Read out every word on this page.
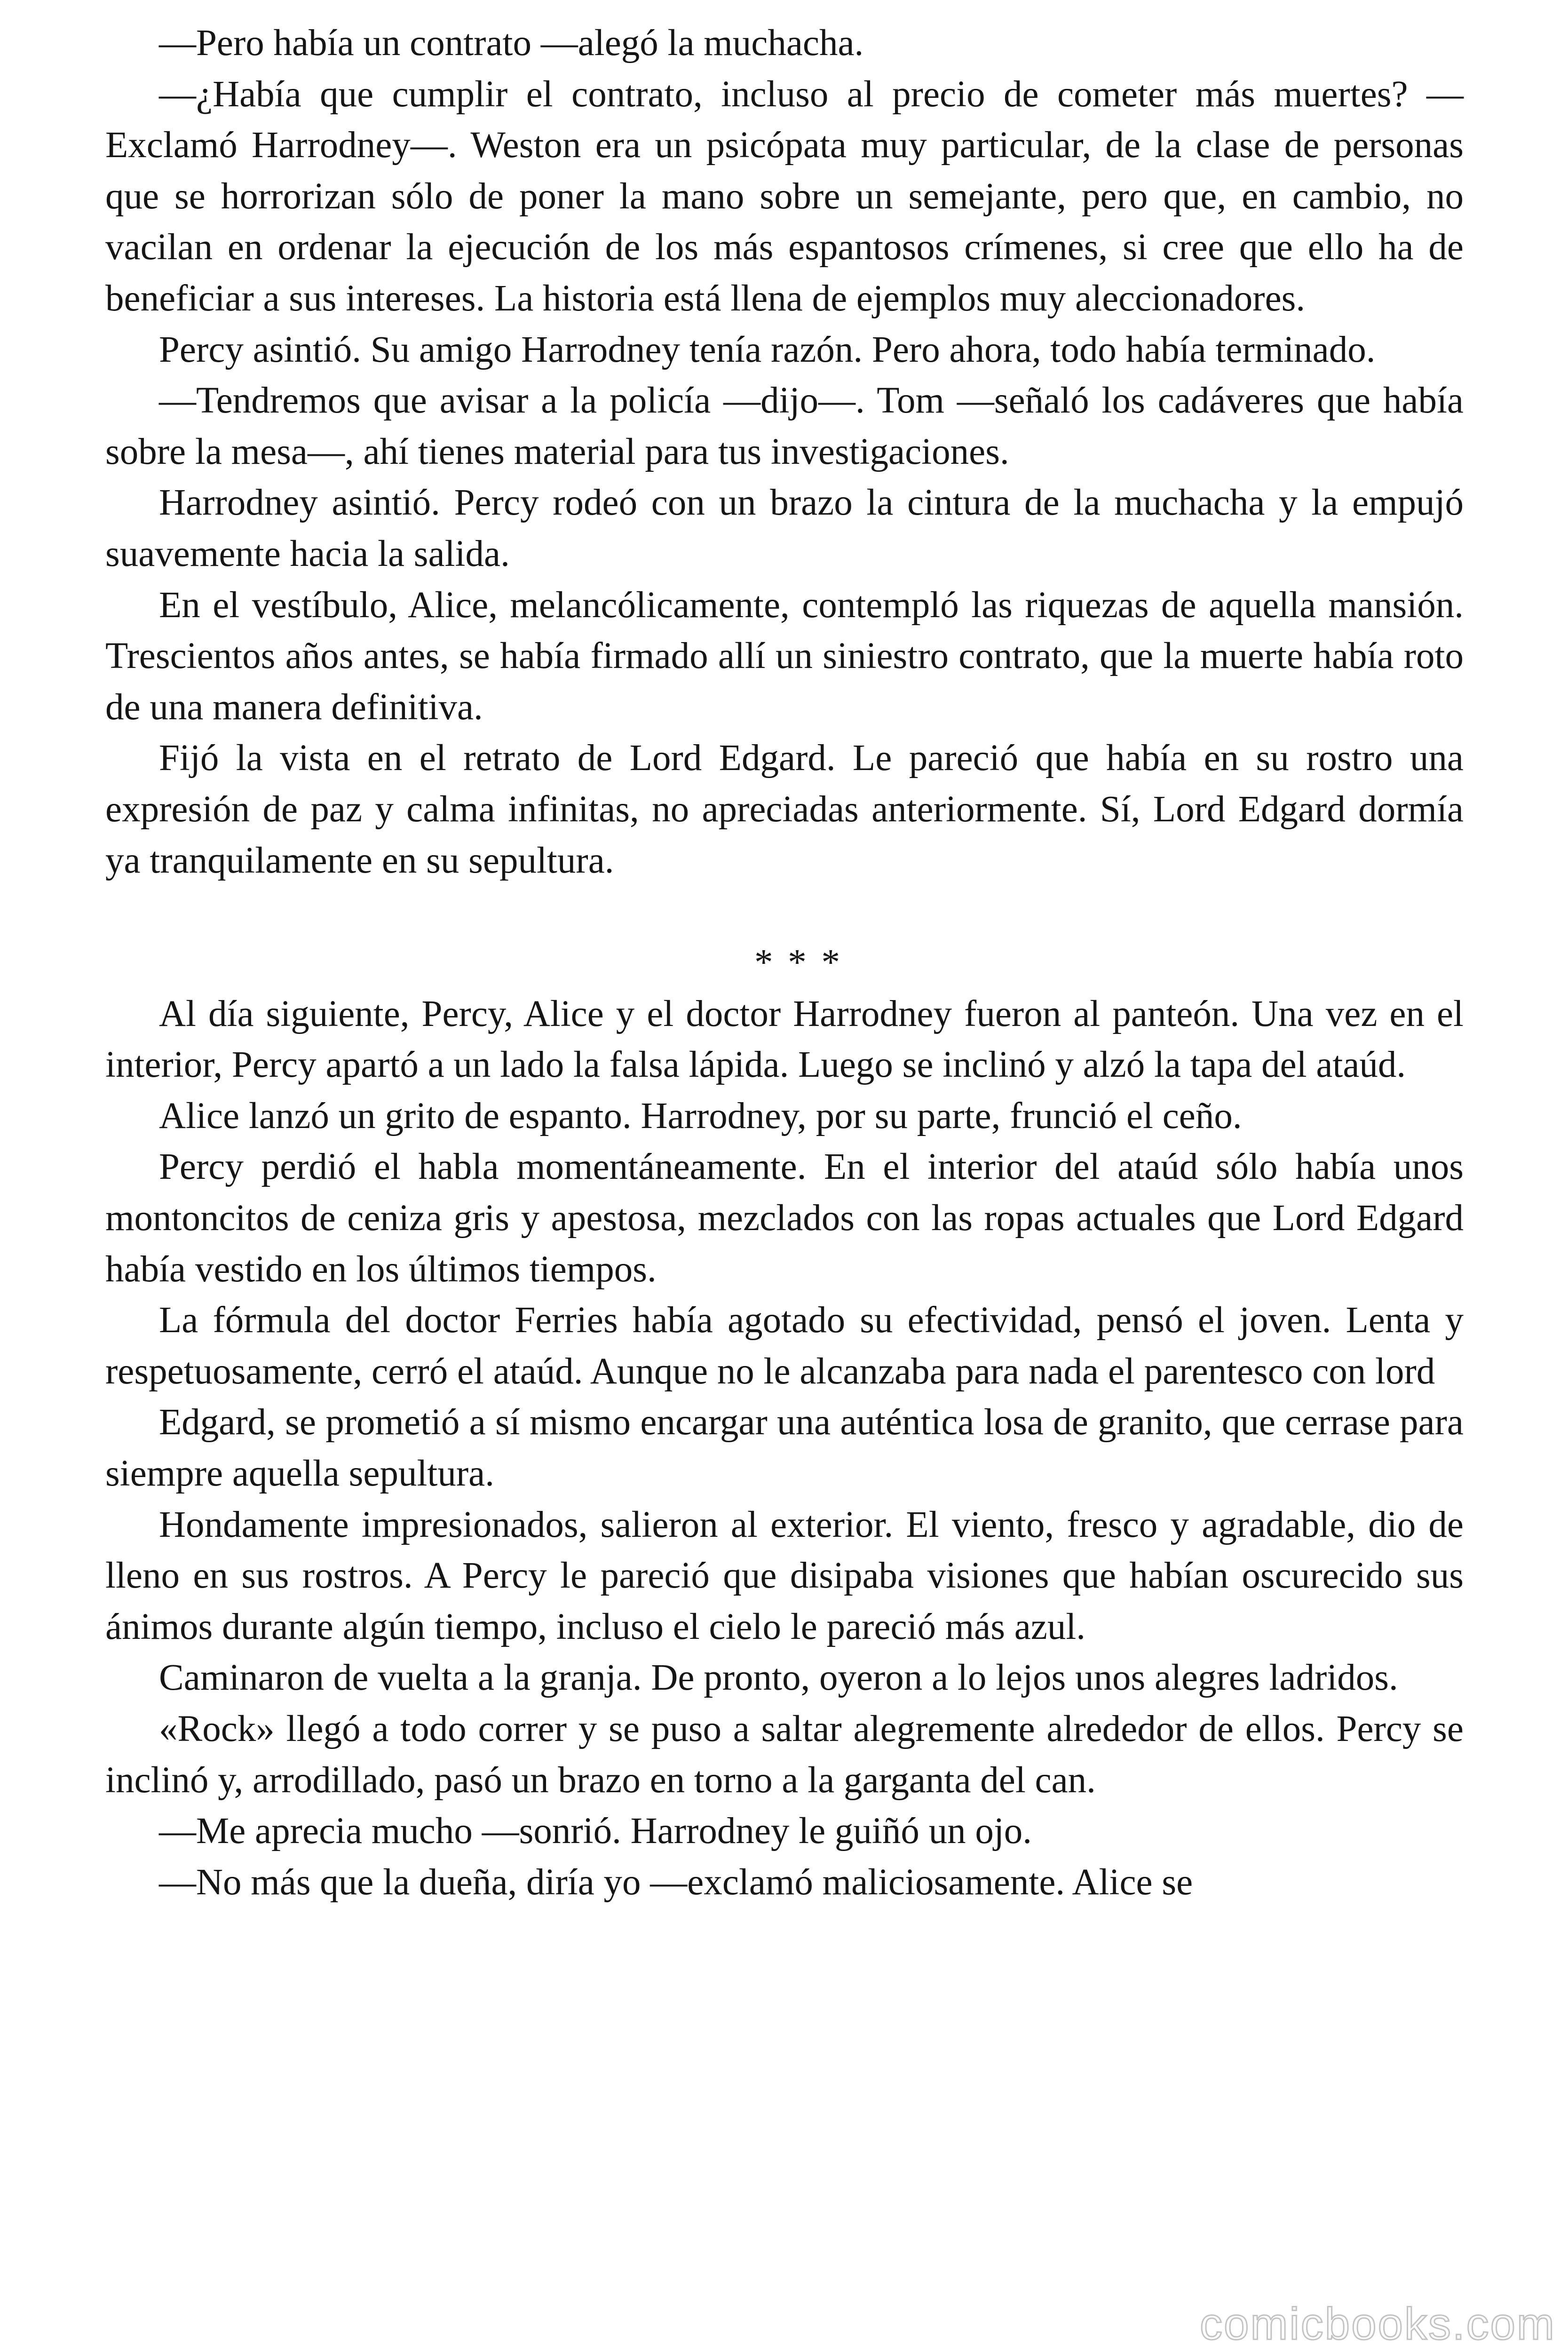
—Pero había un contrato —alegó la muchacha.

—¿Había que cumplir el contrato, incluso al precio de cometer más muertes? —Exclamó Harrodney—. Weston era un psicópata muy particular, de la clase de personas que se horrorizan sólo de poner la mano sobre un semejante, pero que, en cambio, no vacilan en ordenar la ejecución de los más espantosos crímenes, si cree que ello ha de beneficiar a sus intereses. La historia está llena de ejemplos muy aleccionadores.

Percy asintió. Su amigo Harrodney tenía razón. Pero ahora, todo había terminado.

—Tendremos que avisar a la policía —dijo—. Tom —señaló los cadáveres que había sobre la mesa—, ahí tienes material para tus investigaciones.

Harrodney asintió. Percy rodeó con un brazo la cintura de la muchacha y la empujó suavemente hacia la salida.

En el vestíbulo, Alice, melancólicamente, contempló las riquezas de aquella mansión. Trescientos años antes, se había firmado allí un siniestro contrato, que la muerte había roto de una manera definitiva.

Fijó la vista en el retrato de Lord Edgard. Le pareció que había en su rostro una expresión de paz y calma infinitas, no apreciadas anteriormente. Sí, Lord Edgard dormía ya tranquilamente en su sepultura.

* * *

Al día siguiente, Percy, Alice y el doctor Harrodney fueron al panteón. Una vez en el interior, Percy apartó a un lado la falsa lápida. Luego se inclinó y alzó la tapa del ataúd.

Alice lanzó un grito de espanto. Harrodney, por su parte, frunció el ceño.

Percy perdió el habla momentáneamente. En el interior del ataúd sólo había unos montoncitos de ceniza gris y apestosa, mezclados con las ropas actuales que Lord Edgard había vestido en los últimos tiempos.

La fórmula del doctor Ferries había agotado su efectividad, pensó el joven. Lenta y respetuosamente, cerró el ataúd. Aunque no le alcanzaba para nada el parentesco con lord

Edgard, se prometió a sí mismo encargar una auténtica losa de granito, que cerrase para siempre aquella sepultura.

Hondamente impresionados, salieron al exterior. El viento, fresco y agradable, dio de lleno en sus rostros. A Percy le pareció que disipaba visiones que habían oscurecido sus ánimos durante algún tiempo, incluso el cielo le pareció más azul.

Caminaron de vuelta a la granja. De pronto, oyeron a lo lejos unos alegres ladridos.

«Rock» llegó a todo correr y se puso a saltar alegremente alrededor de ellos. Percy se inclinó y, arrodillado, pasó un brazo en torno a la garganta del can.

—Me aprecia mucho —sonrió. Harrodney le guiñó un ojo.

—No más que la dueña, diría yo —exclamó maliciosamente. Alice se

comicbooks.com
